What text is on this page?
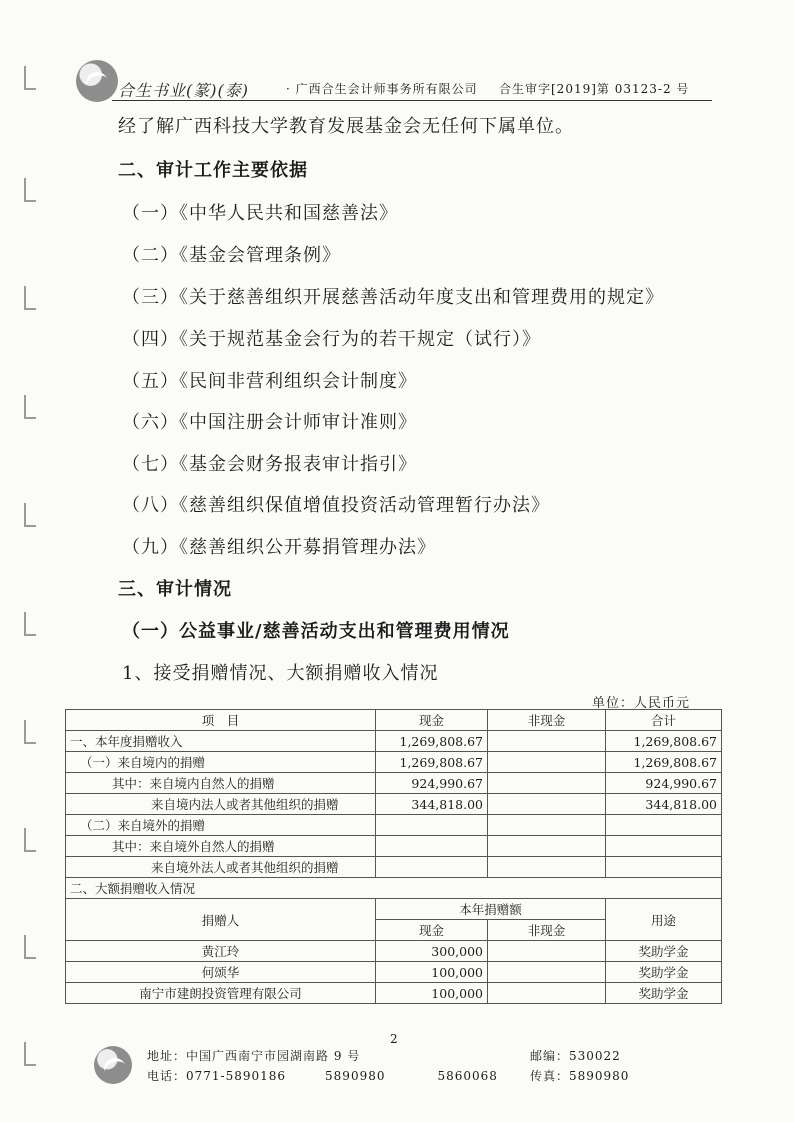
合生书业(篆)(泰)	· 广西合生会计师事务所有限公司 合生审字[2019]第 03123-2 号
经了解广西科技大学教育发展基金会无任何下属单位。
二、审计工作主要依据
（一）《中华人民共和国慈善法》
（二）《基金会管理条例》
（三）《关于慈善组织开展慈善活动年度支出和管理费用的规定》
（四）《关于规范基金会行为的若干规定（试行）》
（五）《民间非营利组织会计制度》
（六）《中国注册会计师审计准则》
（七）《基金会财务报表审计指引》
（八）《慈善组织保值增值投资活动管理暂行办法》
（九）《慈善组织公开募捐管理办法》
三、审计情况
（一）公益事业/慈善活动支出和管理费用情况
1、接受捐赠情况、大额捐赠收入情况
单位：人民币元
项　目	现金	非现金	合计
一、本年度捐赠收入	1,269,808.67		1,269,808.67
（一）来自境内的捐赠	1,269,808.67		1,269,808.67
其中：来自境内自然人的捐赠	924,990.67		924,990.67
来自境内法人或者其他组织的捐赠	344,818.00		344,818.00
（二）来自境外的捐赠			
其中：来自境外自然人的捐赠			
来自境外法人或者其他组织的捐赠			
二、大额捐赠收入情况			
捐赠人	本年捐赠额		用途
	现金	非现金	
黄江玲	300,000		奖助学金
何颂华	100,000		奖助学金
南宁市建朗投资管理有限公司	100,000		奖助学金
2
地址：中国广西南宁市园湖南路 9 号	邮编：530022
电话：0771-5890186　　　5890980　　　　5860068	传真：5890980
